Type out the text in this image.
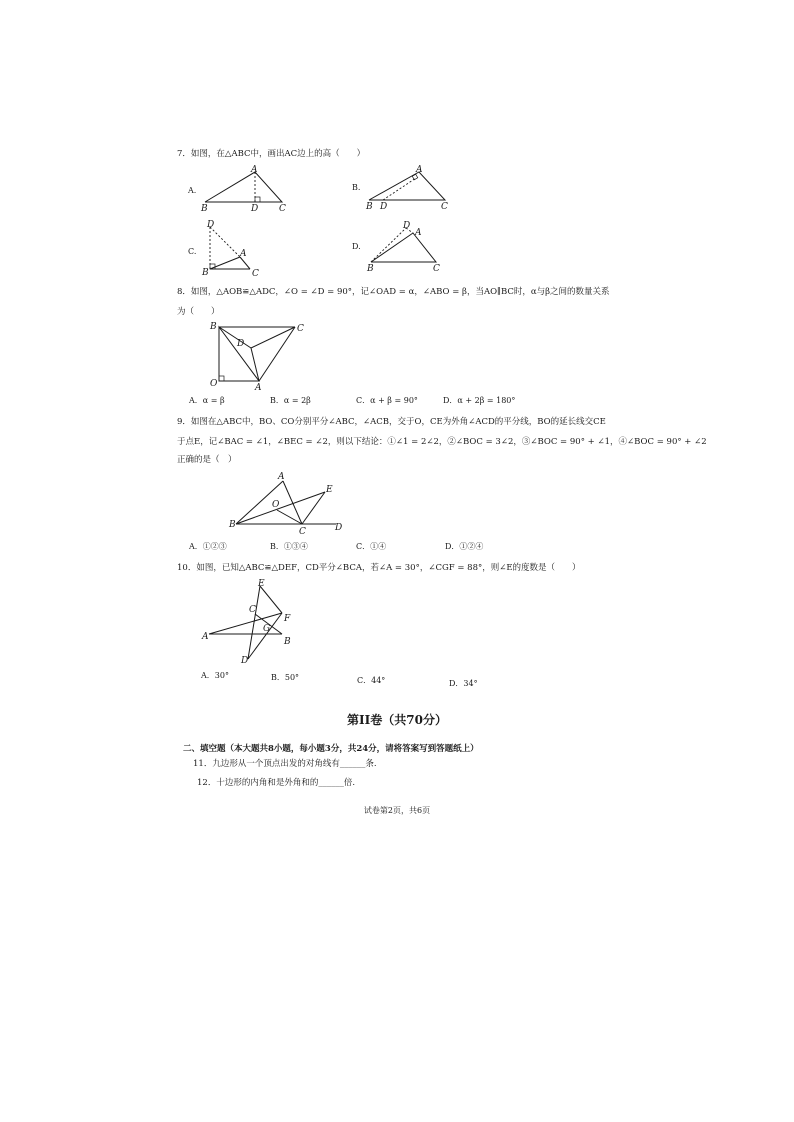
7．如图，在△ABC中，画出AC边上的高（　　）
A.
A
B	D C
B.
A
B D	C
C.
D
A
B	C
D.
D
A
B	C
8．如图，△AOB≌△ADC，∠O = ∠D = 90°，记∠OAD = α，∠ABO = β，当AO∥BC时，α与β之间的数量关系
为（　　）
B	C
D
O	A
A．α = β	B．α = 2β	C．α + β = 90°	D．α + 2β = 180°
9．如图在△ABC中，BO、CO分别平分∠ABC，∠ACB，交于O，CE为外角∠ACD的平分线，BO的延长线交CE
于点E，记∠BAC = ∠1，∠BEC = ∠2，则以下结论：①∠1 = 2∠2，②∠BOC = 3∠2，③∠BOC = 90° + ∠1，④∠BOC = 90° + ∠2
正确的是（　）
A
E
O
B
C	D
A．①②③	B．①③④	C．①④	D．①②④
10．如图，已知△ABC≌△DEF，CD平分∠BCA，若∠A = 30°，∠CGF = 88°，则∠E的度数是（　　）
E
C
F
G
A	B
D
A．30°	B．50°	C．44°	D．34°
第II卷（共70分）
二、填空题（本大题共8小题，每小题3分，共24分，请将答案写到答题纸上）
11．九边形从一个顶点出发的对角线有______条.
12．十边形的内角和是外角和的______倍.
试卷第2页，共6页
